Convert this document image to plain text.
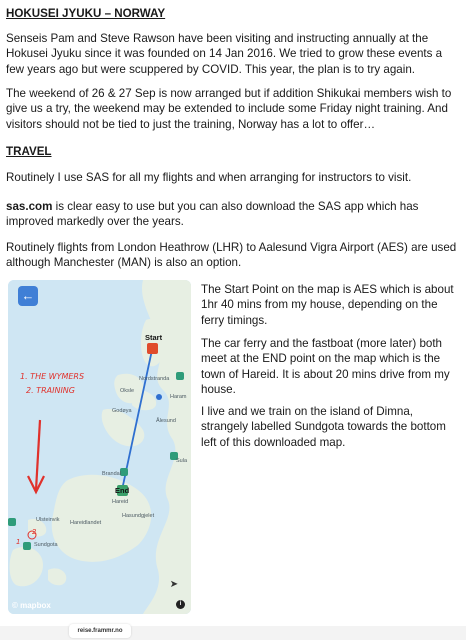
HOKUSEI JYUKU – NORWAY

Senseis Pam and Steve Rawson have been visiting and instructing annually at the Hokusei Jyuku since it was founded on 14 Jan 2016. We tried to grow these events a few years ago but were scuppered by COVID. This year, the plan is to try again.

The weekend of 26 & 27 Sep is now arranged but if addition Shikukai members wish to give us a try, the weekend may be extended to include some Friday night training. And visitors should not be tied to just the training, Norway has a lot to offer…

TRAVEL

Routinely I use SAS for all my flights and when arranging for instructors to visit.

sas.com is clear easy to use but you can also download the SAS app which has improved markedly over the years.

Routinely flights from London Heathrow (LHR) to Aalesund Vigra Airport (AES) are used although Manchester (MAN) is also an option.

←
Start
End
Oksle
Nordstranda
Haram
Godøya
Ålesund
Sula
Brandal
Hareid
Ulsteinvik Hareidlandet
Hasundgjelet
Sundgota
1. THE WYMERS
2. TRAINING
1
2
➤
© mapbox	i

The Start Point on the map is AES which is about 1hr 40 mins from my house, depending on the ferry timings.

The car ferry and the fastboat (more later) both meet at the END point on the map which is the town of Hareid. It is about 20 mins drive from my house.

I live and we train on the island of Dimna, strangely labelled Sundgota towards the bottom left of this downloaded map.

reise.frammr.no
